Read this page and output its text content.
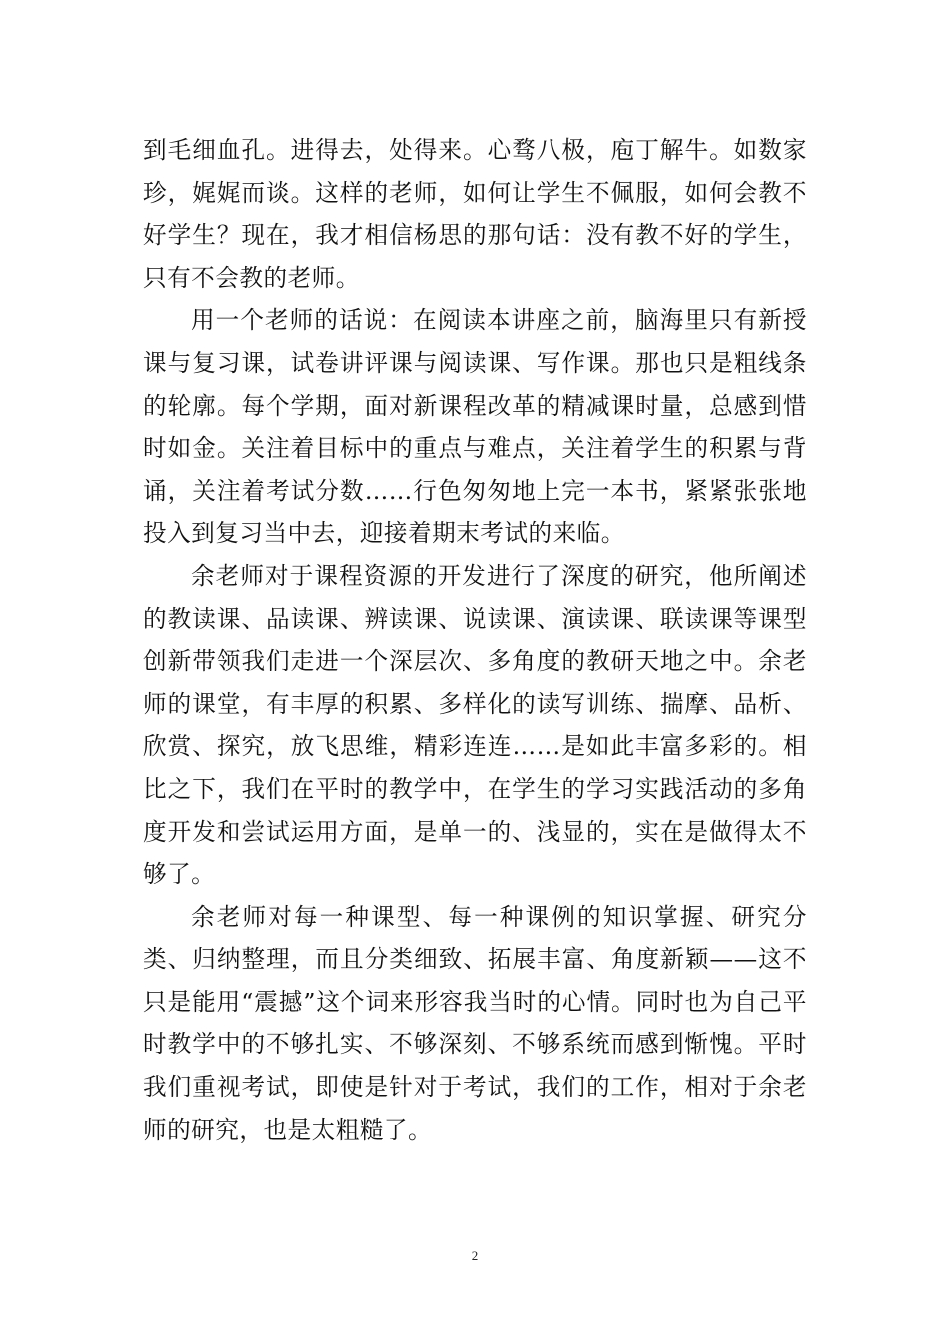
到毛细血孔。进得去，处得来。心骛八极，庖丁解牛。如数家珍，娓娓而谈。这样的老师，如何让学生不佩服，如何会教不好学生？现在，我才相信杨思的那句话：没有教不好的学生，只有不会教的老师。

用一个老师的话说：在阅读本讲座之前，脑海里只有新授课与复习课，试卷讲评课与阅读课、写作课。那也只是粗线条的轮廓。每个学期，面对新课程改革的精减课时量，总感到惜时如金。关注着目标中的重点与难点，关注着学生的积累与背诵，关注着考试分数……行色匆匆地上完一本书，紧紧张张地投入到复习当中去，迎接着期末考试的来临。

余老师对于课程资源的开发进行了深度的研究，他所阐述的教读课、品读课、辨读课、说读课、演读课、联读课等课型创新带领我们走进一个深层次、多角度的教研天地之中。余老师的课堂，有丰厚的积累、多样化的读写训练、揣摩、品析、欣赏、探究，放飞思维，精彩连连……是如此丰富多彩的。相比之下，我们在平时的教学中，在学生的学习实践活动的多角度开发和尝试运用方面，是单一的、浅显的，实在是做得太不够了。

余老师对每一种课型、每一种课例的知识掌握、研究分类、归纳整理，而且分类细致、拓展丰富、角度新颖——这不只是能用“震撼”这个词来形容我当时的心情。同时也为自己平时教学中的不够扎实、不够深刻、不够系统而感到惭愧。平时我们重视考试，即使是针对于考试，我们的工作，相对于余老师的研究，也是太粗糙了。

2
